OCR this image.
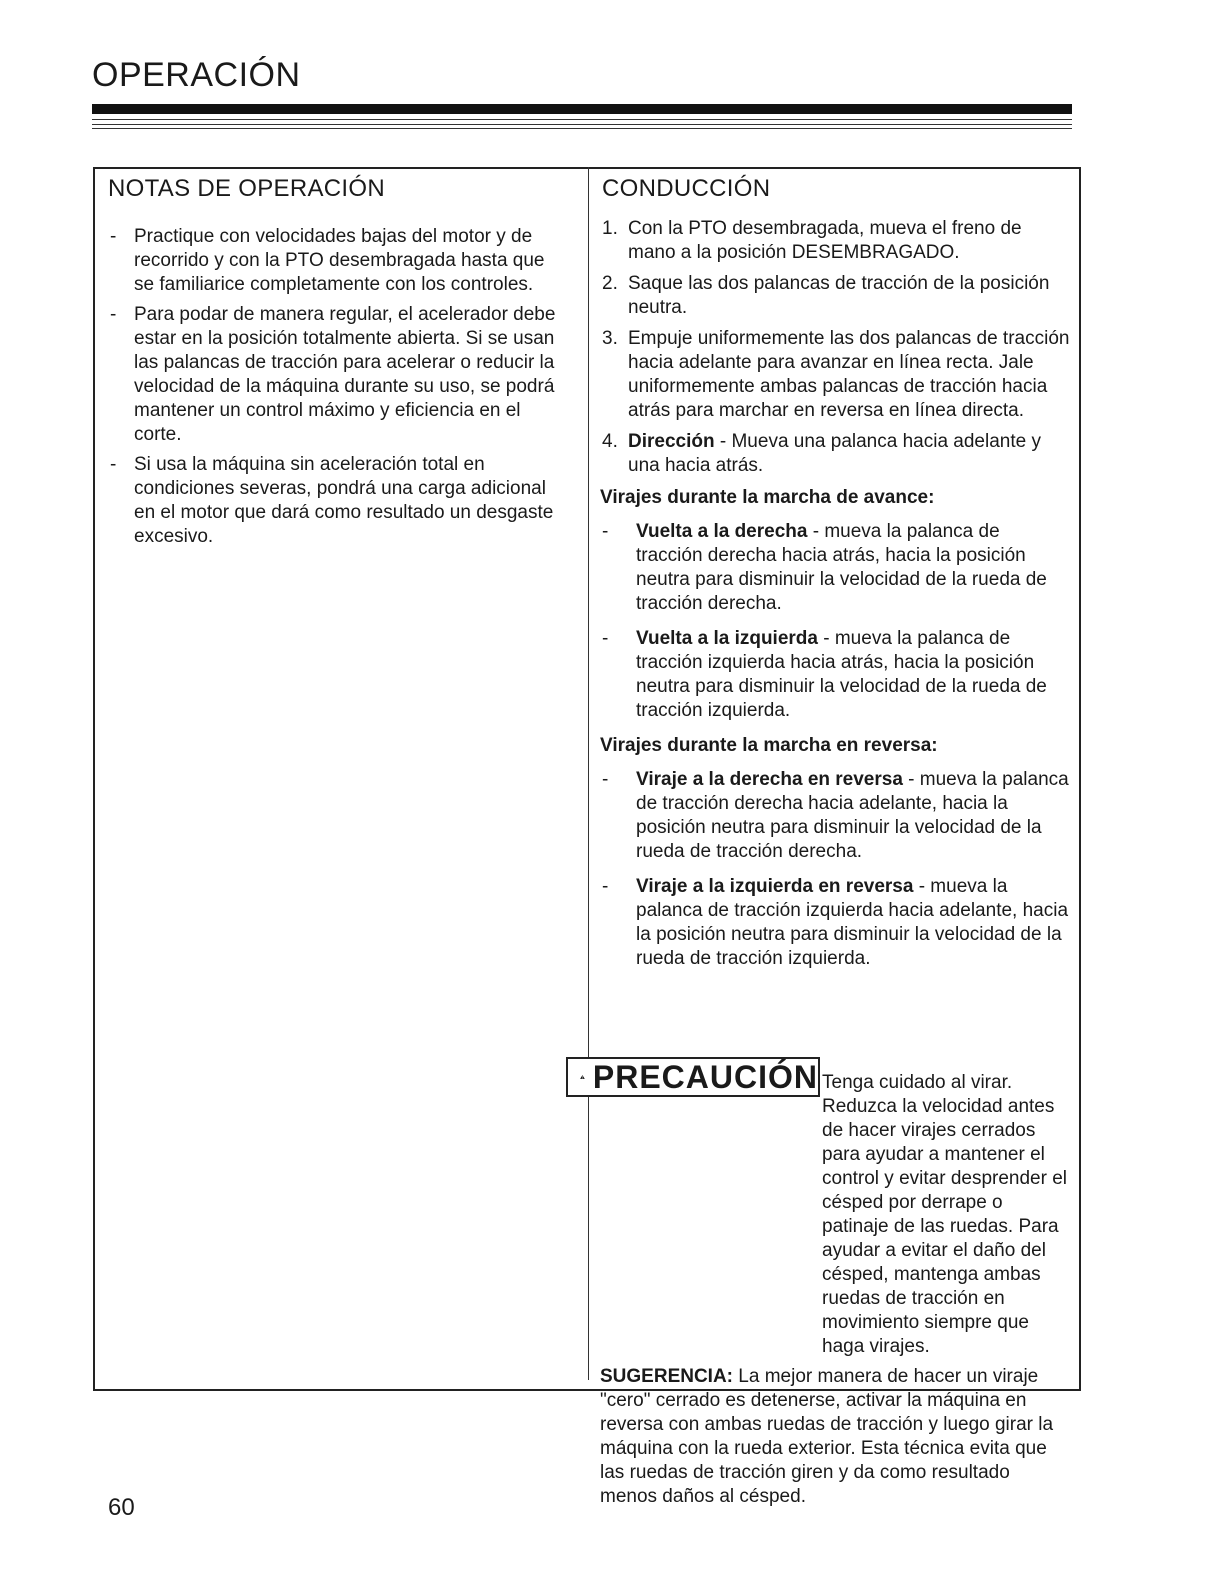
OPERACIÓN
NOTAS DE OPERACIÓN
- Practique con velocidades bajas del motor y de recorrido y con la PTO desembragada hasta que se familiarice completamente con los controles.
- Para podar de manera regular, el acelerador debe estar en la posición totalmente abierta. Si se usan las palancas de tracción para acelerar o reducir la velocidad de la máquina durante su uso, se podrá mantener un control máximo y eficiencia en el corte.
- Si usa la máquina sin aceleración total en condiciones severas, pondrá una carga adicional en el motor que dará como resultado un desgaste excesivo.
CONDUCCIÓN
1. Con la PTO desembragada, mueva el freno de mano a la posición DESEMBRAGADO.
2. Saque las dos palancas de tracción de la posición neutra.
3. Empuje uniformemente las dos palancas de tracción hacia adelante para avanzar en línea recta. Jale uniformemente ambas palancas de tracción hacia atrás para marchar en reversa en línea directa.
4. Dirección - Mueva una palanca hacia adelante y una hacia atrás.
Virajes durante la marcha de avance:
- Vuelta a la derecha - mueva la palanca de tracción derecha hacia atrás, hacia la posición neutra para disminuir la velocidad de la rueda de tracción derecha.
- Vuelta a la izquierda - mueva la palanca de tracción izquierda hacia atrás, hacia la posición neutra para disminuir la velocidad de la rueda de tracción izquierda.
Virajes durante la marcha en reversa:
- Viraje a la derecha en reversa - mueva la palanca de tracción derecha hacia adelante, hacia la posición neutra para disminuir la velocidad de la rueda de tracción derecha.
- Viraje a la izquierda en reversa - mueva la palanca de tracción izquierda hacia adelante, hacia la posición neutra para disminuir la velocidad de la rueda de tracción izquierda.

Tenga cuidado al virar. Reduzca la velocidad antes de hacer virajes cerrados para ayudar a mantener el control y evitar desprender el césped por derrape o patinaje de las ruedas. Para ayudar a evitar el daño del césped, mantenga ambas ruedas de tracción en movimiento siempre que haga virajes.

SUGERENCIA: La mejor manera de hacer un viraje "cero" cerrado es detenerse, activar la máquina en reversa con ambas ruedas de tracción y luego girar la máquina con la rueda exterior. Esta técnica evita que las ruedas de tracción giren y da como resultado menos daños al césped.

PRECAUCIÓN
60
